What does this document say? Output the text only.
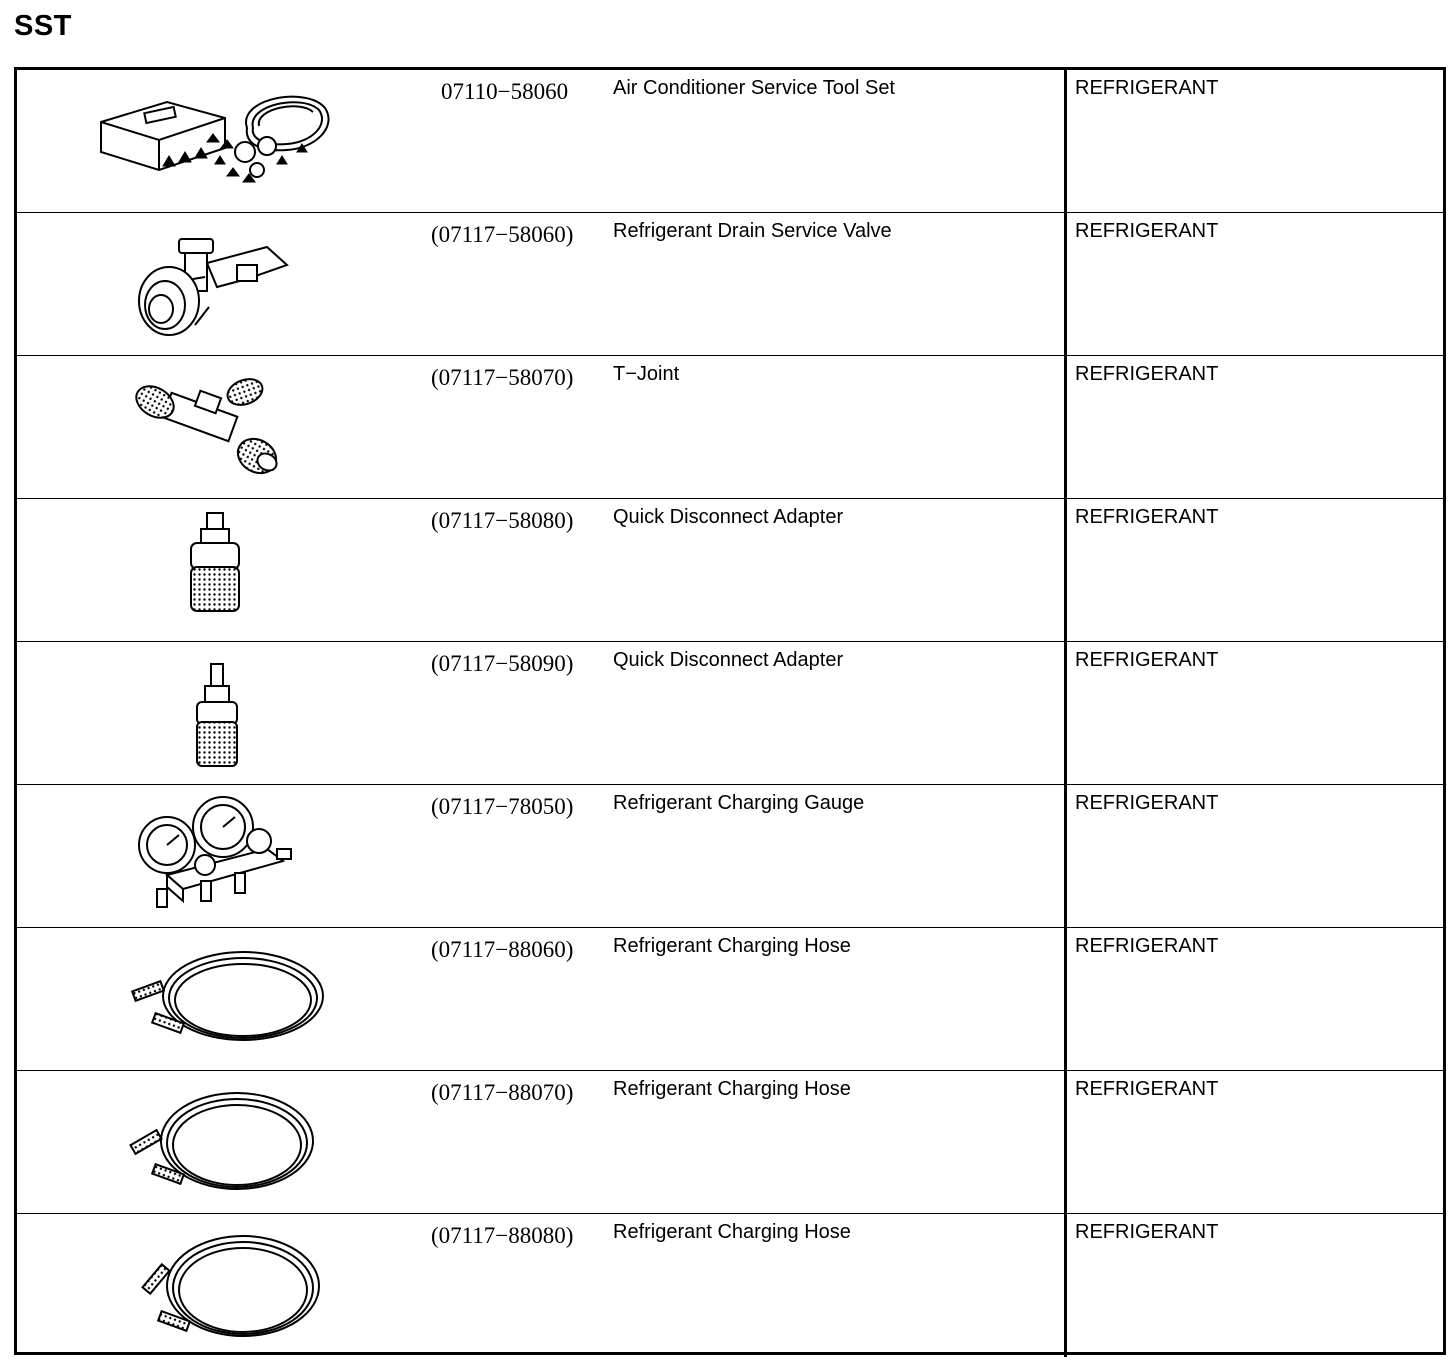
SST
07110−58060 Air Conditioner Service Tool Set	REFRIGERANT
(07117−58060) Refrigerant Drain Service Valve	REFRIGERANT
(07117−58070) T−Joint	REFRIGERANT
(07117−58080) Quick Disconnect Adapter	REFRIGERANT
(07117−58090) Quick Disconnect Adapter	REFRIGERANT
(07117−78050) Refrigerant Charging Gauge	REFRIGERANT
(07117−88060) Refrigerant Charging Hose	REFRIGERANT
(07117−88070) Refrigerant Charging Hose	REFRIGERANT
(07117−88080) Refrigerant Charging Hose	REFRIGERANT
